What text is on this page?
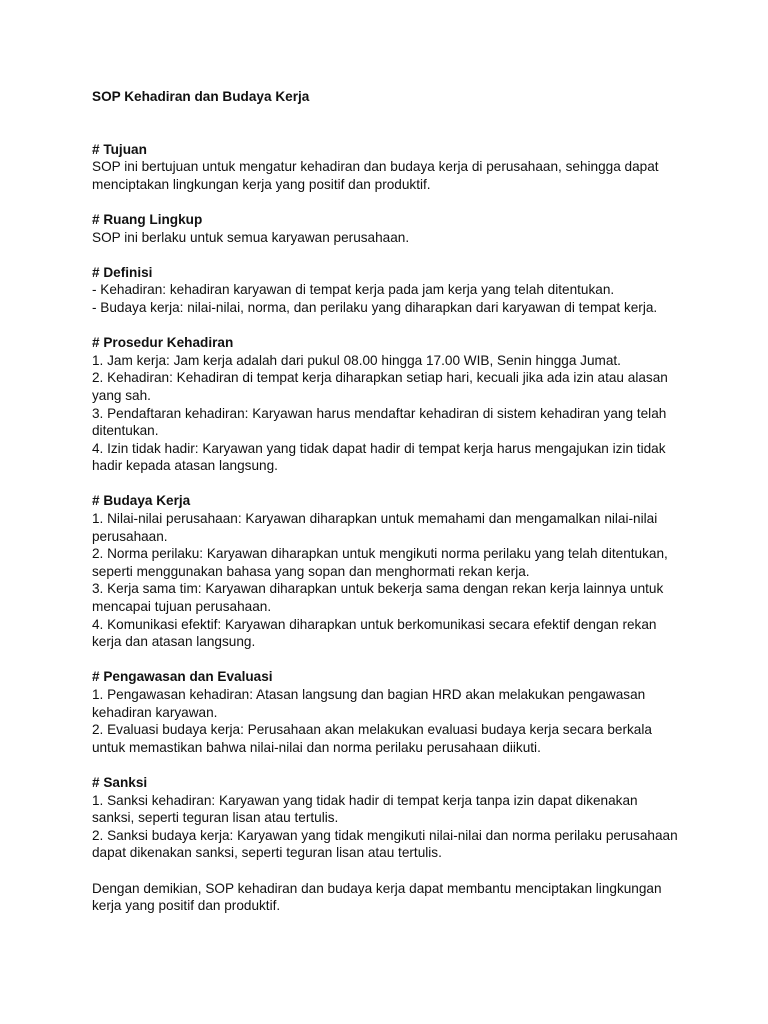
SOP Kehadiran dan Budaya Kerja

# Tujuan

SOP ini bertujuan untuk mengatur kehadiran dan budaya kerja di perusahaan, sehingga dapat menciptakan lingkungan kerja yang positif dan produktif.

# Ruang Lingkup

SOP ini berlaku untuk semua karyawan perusahaan.

# Definisi

- Kehadiran: kehadiran karyawan di tempat kerja pada jam kerja yang telah ditentukan.

- Budaya kerja: nilai-nilai, norma, dan perilaku yang diharapkan dari karyawan di tempat kerja.

# Prosedur Kehadiran

1. Jam kerja: Jam kerja adalah dari pukul 08.00 hingga 17.00 WIB, Senin hingga Jumat.

2. Kehadiran: Kehadiran di tempat kerja diharapkan setiap hari, kecuali jika ada izin atau alasan yang sah.

3. Pendaftaran kehadiran: Karyawan harus mendaftar kehadiran di sistem kehadiran yang telah ditentukan.

4. Izin tidak hadir: Karyawan yang tidak dapat hadir di tempat kerja harus mengajukan izin tidak hadir kepada atasan langsung.

# Budaya Kerja

1. Nilai-nilai perusahaan: Karyawan diharapkan untuk memahami dan mengamalkan nilai-nilai perusahaan.

2. Norma perilaku: Karyawan diharapkan untuk mengikuti norma perilaku yang telah ditentukan, seperti menggunakan bahasa yang sopan dan menghormati rekan kerja.

3. Kerja sama tim: Karyawan diharapkan untuk bekerja sama dengan rekan kerja lainnya untuk mencapai tujuan perusahaan.

4. Komunikasi efektif: Karyawan diharapkan untuk berkomunikasi secara efektif dengan rekan kerja dan atasan langsung.

# Pengawasan dan Evaluasi

1. Pengawasan kehadiran: Atasan langsung dan bagian HRD akan melakukan pengawasan kehadiran karyawan.

2. Evaluasi budaya kerja: Perusahaan akan melakukan evaluasi budaya kerja secara berkala untuk memastikan bahwa nilai-nilai dan norma perilaku perusahaan diikuti.

# Sanksi

1. Sanksi kehadiran: Karyawan yang tidak hadir di tempat kerja tanpa izin dapat dikenakan sanksi, seperti teguran lisan atau tertulis.

2. Sanksi budaya kerja: Karyawan yang tidak mengikuti nilai-nilai dan norma perilaku perusahaan dapat dikenakan sanksi, seperti teguran lisan atau tertulis.

Dengan demikian, SOP kehadiran dan budaya kerja dapat membantu menciptakan lingkungan kerja yang positif dan produktif.
